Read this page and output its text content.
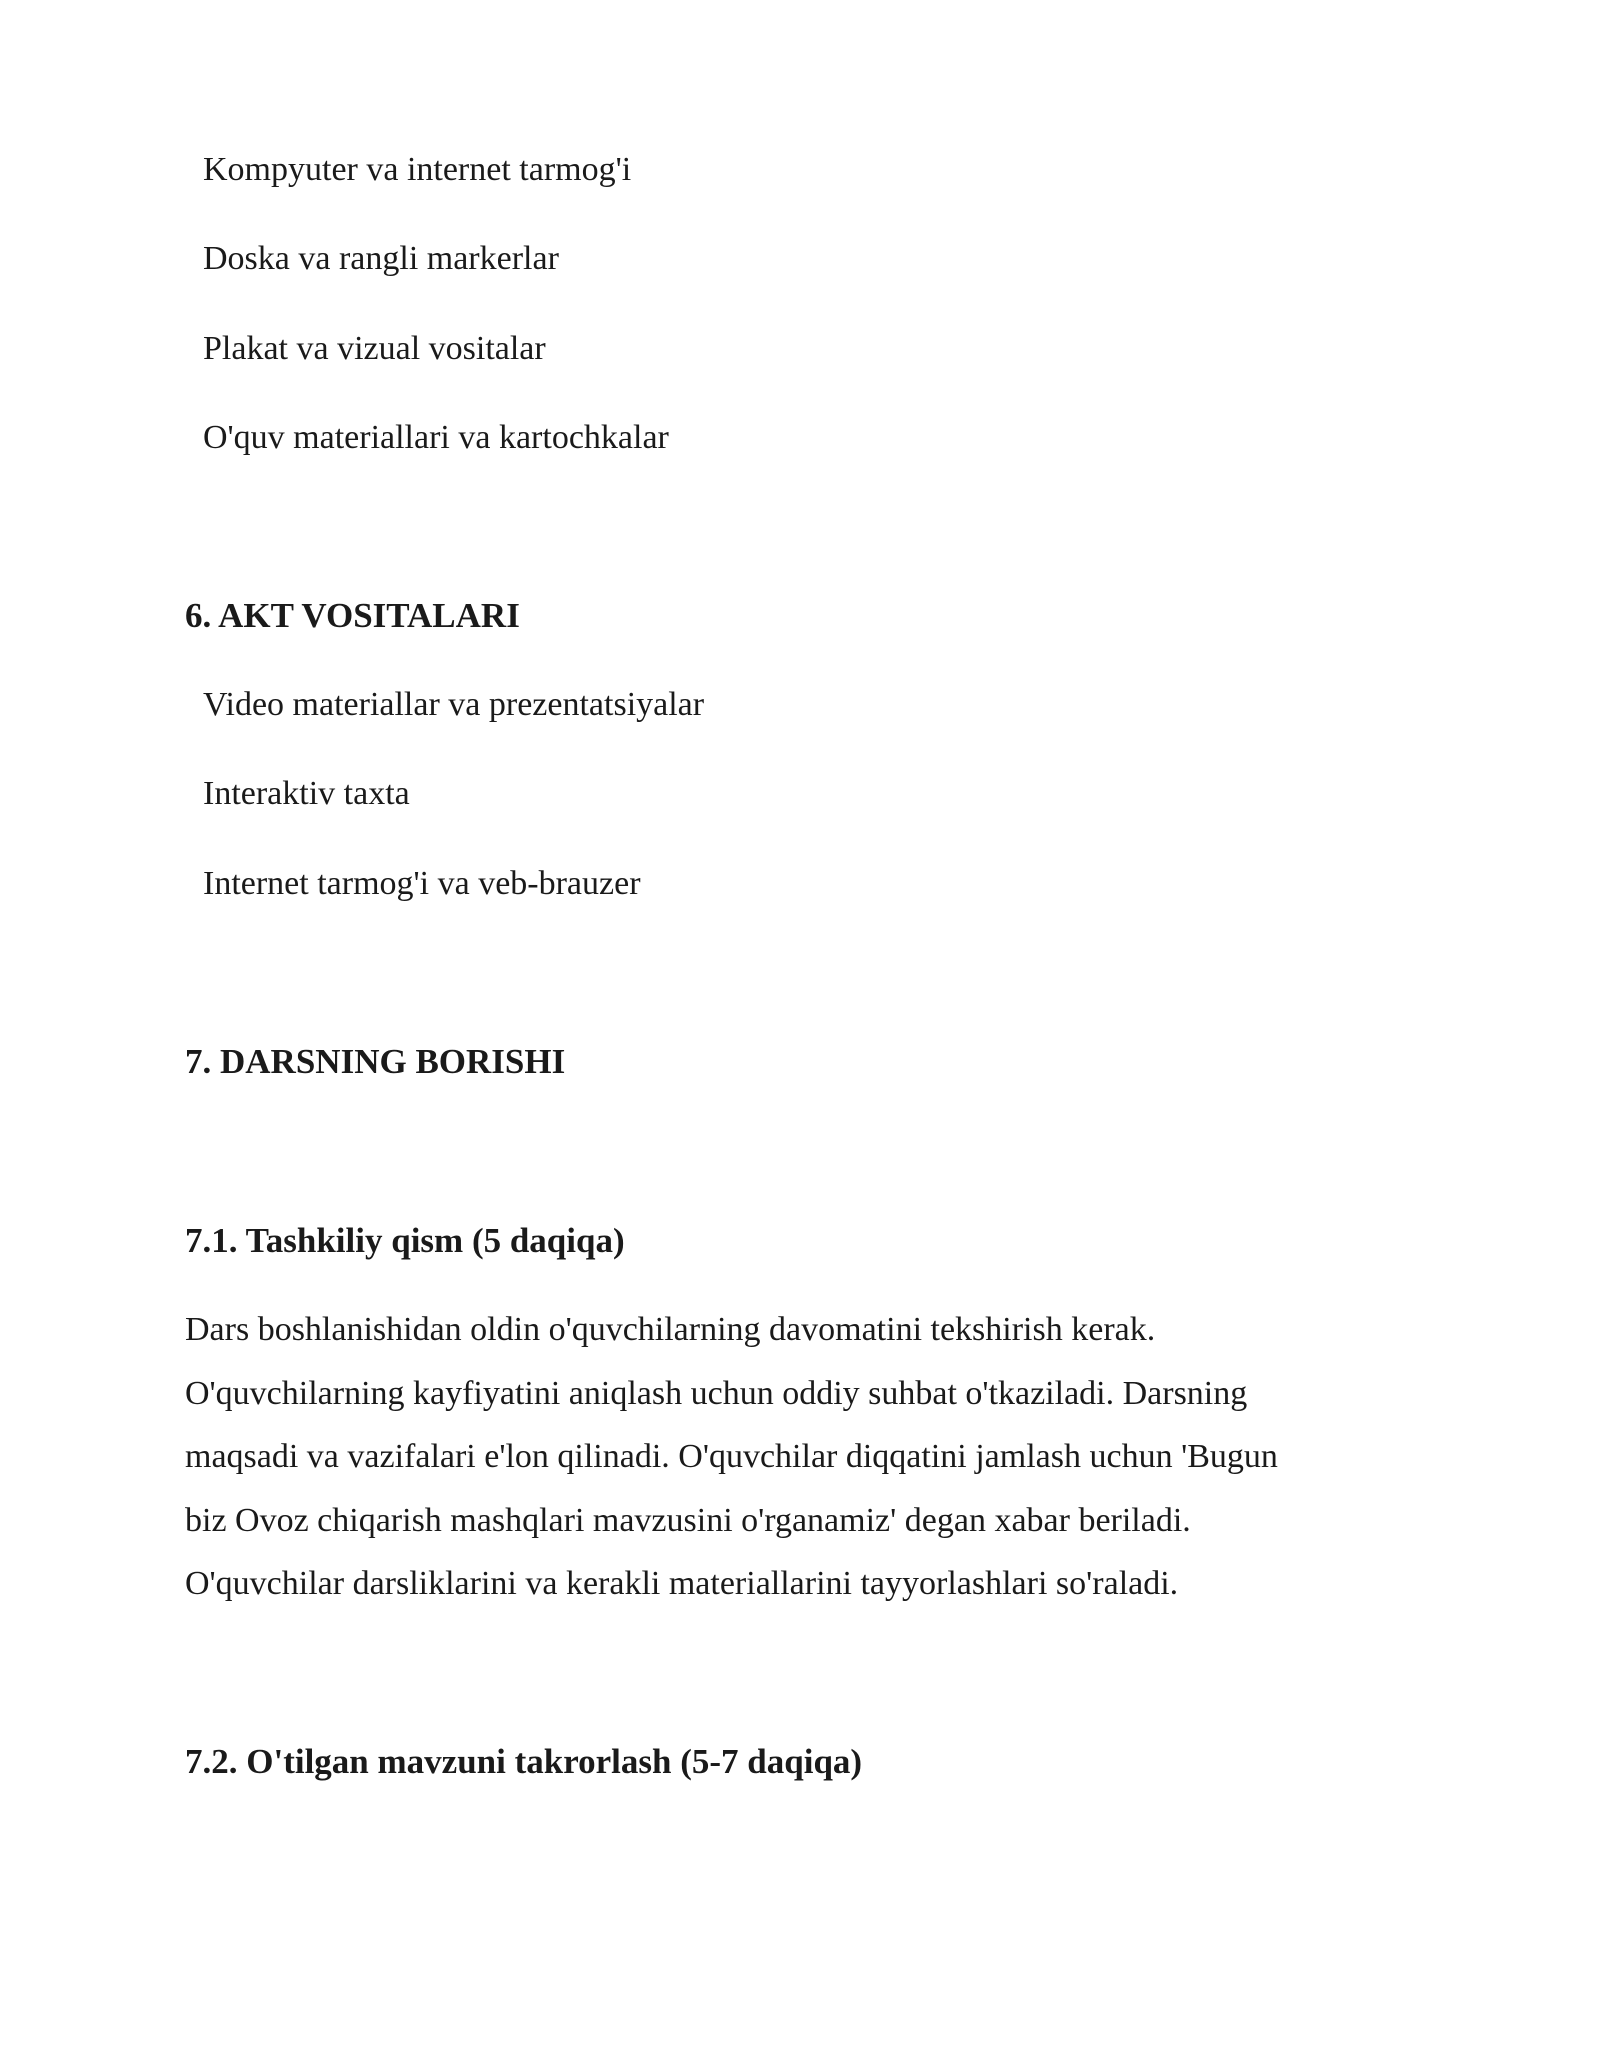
Kompyuter va internet tarmog'i
Doska va rangli markerlar
Plakat va vizual vositalar
O'quv materiallari va kartochkalar
6. AKT VOSITALARI
Video materiallar va prezentatsiyalar
Interaktiv taxta
Internet tarmog'i va veb-brauzer
7. DARSNING BORISHI
7.1. Tashkiliy qism (5 daqiqa)
Dars boshlanishidan oldin o'quvchilarning davomatini tekshirish kerak.
O'quvchilarning kayfiyatini aniqlash uchun oddiy suhbat o'tkaziladi. Darsning
maqsadi va vazifalari e'lon qilinadi. O'quvchilar diqqatini jamlash uchun 'Bugun
biz Ovoz chiqarish mashqlari mavzusini o'rganamiz' degan xabar beriladi.
O'quvchilar darsliklarini va kerakli materiallarini tayyorlashlari so'raladi.
7.2. O'tilgan mavzuni takrorlash (5-7 daqiqa)
